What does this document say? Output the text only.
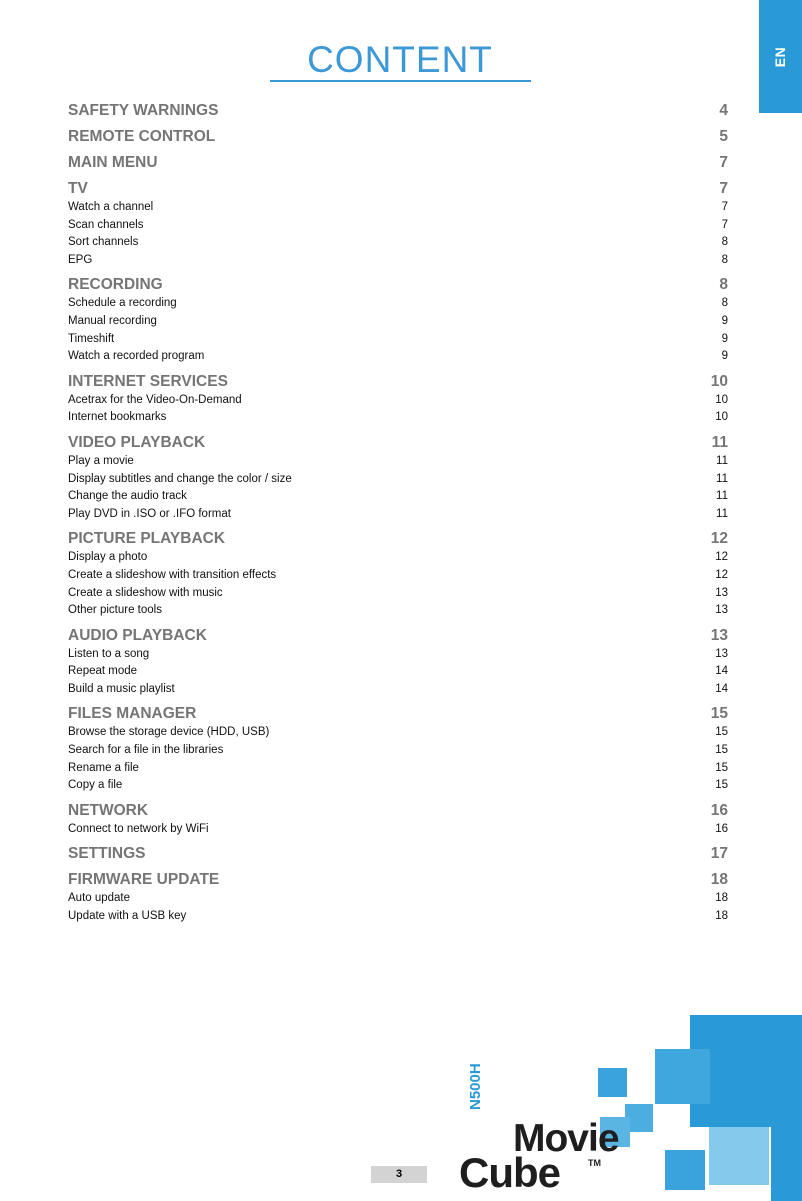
CONTENT	EN
SAFETY WARNINGS	4
REMOTE CONTROL	5
MAIN MENU	7
TV	7
Watch a channel	7
Scan channels	7
Sort channels	8
EPG	8
RECORDING	8
Schedule a recording	8
Manual recording	9
Timeshift	9
Watch a recorded program	9
INTERNET SERVICES	10
Acetrax for the Video-On-Demand	10
Internet bookmarks	10
VIDEO PLAYBACK	11
Play a movie	11
Display subtitles and change the color / size	11
Change the audio track	11
Play DVD in .ISO or .IFO format	11
PICTURE PLAYBACK	12
Display a photo	12
Create a slideshow with transition effects	12
Create a slideshow with music	13
Other picture tools	13
AUDIO PLAYBACK	13
Listen to a song	13
Repeat mode	14
Build a music playlist	14
FILES MANAGER	15
Browse the storage device (HDD, USB)	15
Search for a file in the libraries	15
Rename a file	15
Copy a file	15
NETWORK	16
Connect to network by WiFi	16
SETTINGS	17
FIRMWARE UPDATE	18
Auto update	18
Update with a USB key	18
3
N500H
Movie
Cube	TM
